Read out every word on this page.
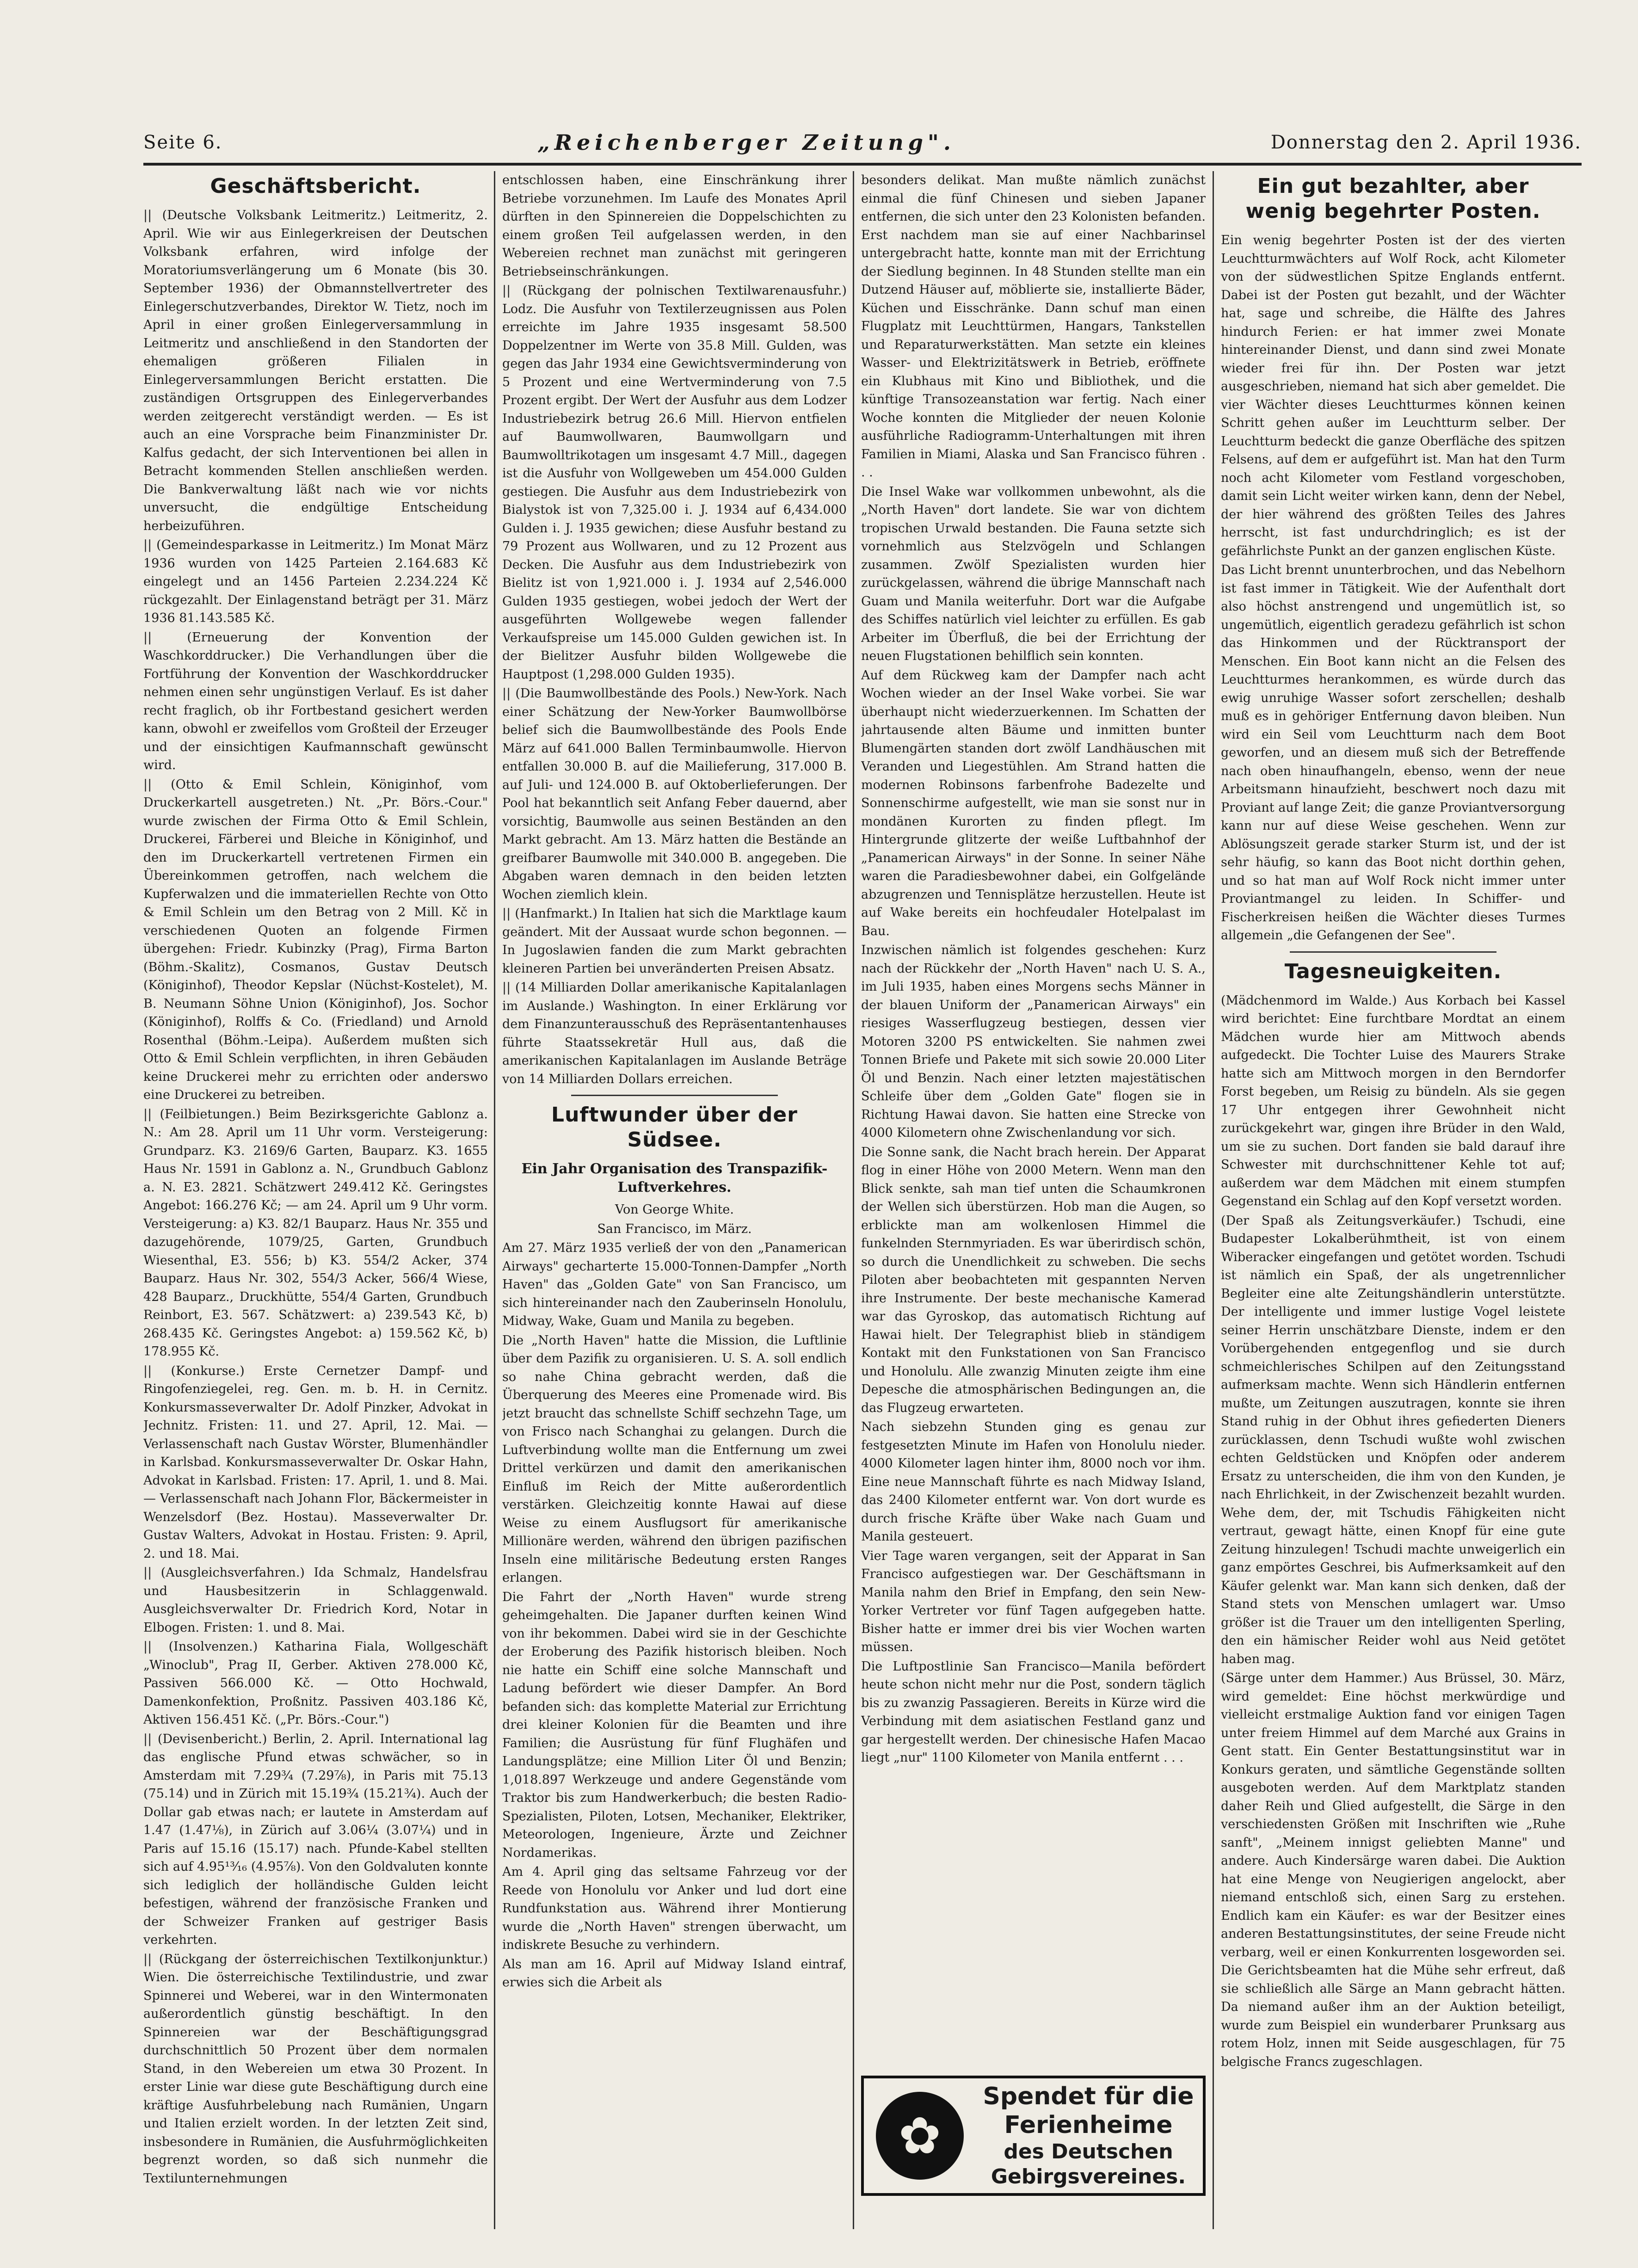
Seite 6.	„Reichenberger Zeitung".	Donnerstag den 2. April 1936.
Geschäftsbericht.

|| (Deutsche Volksbank Leitmeritz.) Leitmeritz, 2. April. Wie wir aus Einlegerkreisen der Deutschen Volksbank erfahren, wird infolge der Moratoriumsverlängerung um 6 Monate (bis 30. September 1936) der Obmannstellvertreter des Einlegerschutzverbandes, Direktor W. Tietz, noch im April in einer großen Einlegerversammlung in Leitmeritz und anschließend in den Standorten der ehemaligen größeren Filialen in Einlegerversammlungen Bericht erstatten. Die zuständigen Ortsgruppen des Einlegerverbandes werden zeitgerecht verständigt werden. — Es ist auch an eine Vorsprache beim Finanzminister Dr. Kalfus gedacht, der sich Interventionen bei allen in Betracht kommenden Stellen anschließen werden. Die Bankverwaltung läßt nach wie vor nichts unversucht, die endgültige Entscheidung herbeizuführen.

|| (Gemeindesparkasse in Leitmeritz.) Im Monat März 1936 wurden von 1425 Parteien 2.164.683 Kč eingelegt und an 1456 Parteien 2.234.224 Kč rückgezahlt. Der Einlagenstand beträgt per 31. März 1936 81.143.585 Kč.

|| (Erneuerung der Konvention der Waschkorddrucker.) Die Verhandlungen über die Fortführung der Konvention der Waschkorddrucker nehmen einen sehr ungünstigen Verlauf. Es ist daher recht fraglich, ob ihr Fortbestand gesichert werden kann, obwohl er zweifellos vom Großteil der Erzeuger und der einsichtigen Kaufmannschaft gewünscht wird.

|| (Otto & Emil Schlein, Königinhof, vom Druckerkartell ausgetreten.) Nt. „Pr. Börs.-Cour." wurde zwischen der Firma Otto & Emil Schlein, Druckerei, Färberei und Bleiche in Königinhof, und den im Druckerkartell vertretenen Firmen ein Übereinkommen getroffen, nach welchem die Kupferwalzen und die immateriellen Rechte von Otto & Emil Schlein um den Betrag von 2 Mill. Kč in verschiedenen Quoten an folgende Firmen übergehen: Friedr. Kubinzky (Prag), Firma Barton (Böhm.-Skalitz), Cosmanos, Gustav Deutsch (Königinhof), Theodor Kepslar (Nüchst-Kostelet), M. B. Neumann Söhne Union (Königinhof), Jos. Sochor (Königinhof), Rolffs & Co. (Friedland) und Arnold Rosenthal (Böhm.-Leipa). Außerdem mußten sich Otto & Emil Schlein verpflichten, in ihren Gebäuden keine Druckerei mehr zu errichten oder anderswo eine Druckerei zu betreiben.

|| (Feilbietungen.) Beim Bezirksgerichte Gablonz a. N.: Am 28. April um 11 Uhr vorm. Versteigerung: Grundparz. K3. 2169/6 Garten, Bauparz. K3. 1655 Haus Nr. 1591 in Gablonz a. N., Grundbuch Gablonz a. N. E3. 2821. Schätzwert 249.412 Kč. Geringstes Angebot: 166.276 Kč; — am 24. April um 9 Uhr vorm. Versteigerung: a) K3. 82/1 Bauparz. Haus Nr. 355 und dazugehörende, 1079/25, Garten, Grundbuch Wiesenthal, E3. 556; b) K3. 554/2 Acker, 374 Bauparz. Haus Nr. 302, 554/3 Acker, 566/4 Wiese, 428 Bauparz., Druckhütte, 554/4 Garten, Grundbuch Reinbort, E3. 567. Schätzwert: a) 239.543 Kč, b) 268.435 Kč. Geringstes Angebot: a) 159.562 Kč, b) 178.955 Kč.

|| (Konkurse.) Erste Cernetzer Dampf- und Ringofenziegelei, reg. Gen. m. b. H. in Cernitz. Konkursmasseverwalter Dr. Adolf Pinzker, Advokat in Jechnitz. Fristen: 11. und 27. April, 12. Mai. — Verlassenschaft nach Gustav Wörster, Blumenhändler in Karlsbad. Konkursmasseverwalter Dr. Oskar Hahn, Advokat in Karlsbad. Fristen: 17. April, 1. und 8. Mai. — Verlassenschaft nach Johann Flor, Bäckermeister in Wenzelsdorf (Bez. Hostau). Masseverwalter Dr. Gustav Walters, Advokat in Hostau. Fristen: 9. April, 2. und 18. Mai.

|| (Ausgleichsverfahren.) Ida Schmalz, Handelsfrau und Hausbesitzerin in Schlaggenwald. Ausgleichsverwalter Dr. Friedrich Kord, Notar in Elbogen. Fristen: 1. und 8. Mai.

|| (Insolvenzen.) Katharina Fiala, Wollgeschäft „Winoclub", Prag II, Gerber. Aktiven 278.000 Kč, Passiven 566.000 Kč. — Otto Hochwald, Damenkonfektion, Proßnitz. Passiven 403.186 Kč, Aktiven 156.451 Kč. („Pr. Börs.-Cour.")

|| (Devisenbericht.) Berlin, 2. April. International lag das englische Pfund etwas schwächer, so in Amsterdam mit 7.29¾ (7.29⅞), in Paris mit 75.13 (75.14) und in Zürich mit 15.19¾ (15.21¾). Auch der Dollar gab etwas nach; er lautete in Amsterdam auf 1.47 (1.47⅛), in Zürich auf 3.06¼ (3.07¼) und in Paris auf 15.16 (15.17) nach. Pfunde-Kabel stellten sich auf 4.95¹³⁄₁₆ (4.95⅞). Von den Goldvaluten konnte sich lediglich der holländische Gulden leicht befestigen, während der französische Franken und der Schweizer Franken auf gestriger Basis verkehrten.

|| (Rückgang der österreichischen Textilkonjunktur.) Wien. Die österreichische Textilindustrie, und zwar Spinnerei und Weberei, war in den Wintermonaten außerordentlich günstig beschäftigt. In den Spinnereien war der Beschäftigungsgrad durchschnittlich 50 Prozent über dem normalen Stand, in den Webereien um etwa 30 Prozent. In erster Linie war diese gute Beschäftigung durch eine kräftige Ausfuhrbelebung nach Rumänien, Ungarn und Italien erzielt worden. In der letzten Zeit sind, insbesondere in Rumänien, die Ausfuhrmöglichkeiten begrenzt worden, so daß sich nunmehr die Textilunternehmungen

entschlossen haben, eine Einschränkung ihrer Betriebe vorzunehmen. Im Laufe des Monates April dürften in den Spinnereien die Doppelschichten zu einem großen Teil aufgelassen werden, in den Webereien rechnet man zunächst mit geringeren Betriebseinschränkungen.

|| (Rückgang der polnischen Textilwarenausfuhr.) Lodz. Die Ausfuhr von Textilerzeugnissen aus Polen erreichte im Jahre 1935 insgesamt 58.500 Doppelzentner im Werte von 35.8 Mill. Gulden, was gegen das Jahr 1934 eine Gewichtsverminderung von 5 Prozent und eine Wertverminderung von 7.5 Prozent ergibt. Der Wert der Ausfuhr aus dem Lodzer Industriebezirk betrug 26.6 Mill. Hiervon entfielen auf Baumwollwaren, Baumwollgarn und Baumwolltrikotagen um insgesamt 4.7 Mill., dagegen ist die Ausfuhr von Wollgeweben um 454.000 Gulden gestiegen. Die Ausfuhr aus dem Industriebezirk von Bialystok ist von 7,325.00 i. J. 1934 auf 6,434.000 Gulden i. J. 1935 gewichen; diese Ausfuhr bestand zu 79 Prozent aus Wollwaren, und zu 12 Prozent aus Decken. Die Ausfuhr aus dem Industriebezirk von Bielitz ist von 1,921.000 i. J. 1934 auf 2,546.000 Gulden 1935 gestiegen, wobei jedoch der Wert der ausgeführten Wollgewebe wegen fallender Verkaufspreise um 145.000 Gulden gewichen ist. In der Bielitzer Ausfuhr bilden Wollgewebe die Hauptpost (1,298.000 Gulden 1935).

|| (Die Baumwollbestände des Pools.) New-York. Nach einer Schätzung der New-Yorker Baumwollbörse belief sich die Baumwollbestände des Pools Ende März auf 641.000 Ballen Terminbaumwolle. Hiervon entfallen 30.000 B. auf die Mailieferung, 317.000 B. auf Juli- und 124.000 B. auf Oktoberlieferungen. Der Pool hat bekanntlich seit Anfang Feber dauernd, aber vorsichtig, Baumwolle aus seinen Beständen an den Markt gebracht. Am 13. März hatten die Bestände an greifbarer Baumwolle mit 340.000 B. angegeben. Die Abgaben waren demnach in den beiden letzten Wochen ziemlich klein.

|| (Hanfmarkt.) In Italien hat sich die Marktlage kaum geändert. Mit der Aussaat wurde schon begonnen. — In Jugoslawien fanden die zum Markt gebrachten kleineren Partien bei unveränderten Preisen Absatz.

|| (14 Milliarden Dollar amerikanische Kapitalanlagen im Auslande.) Washington. In einer Erklärung vor dem Finanzunterausschuß des Repräsentantenhauses führte Staatssekretär Hull aus, daß die amerikanischen Kapitalanlagen im Auslande Beträge von 14 Milliarden Dollars erreichen.

Luftwunder über der Südsee.
Ein Jahr Organisation des Transpazifik-Luftverkehres.

Von George White.

San Francisco, im März.

Am 27. März 1935 verließ der von den „Panamerican Airways" gecharterte 15.000-Tonnen-Dampfer „North Haven" das „Golden Gate" von San Francisco, um sich hintereinander nach den Zauberinseln Honolulu, Midway, Wake, Guam und Manila zu begeben.

Die „North Haven" hatte die Mission, die Luftlinie über dem Pazifik zu organisieren. U. S. A. soll endlich so nahe China gebracht werden, daß die Überquerung des Meeres eine Promenade wird. Bis jetzt braucht das schnellste Schiff sechzehn Tage, um von Frisco nach Schanghai zu gelangen. Durch die Luftverbindung wollte man die Entfernung um zwei Drittel verkürzen und damit den amerikanischen Einfluß im Reich der Mitte außerordentlich verstärken. Gleichzeitig konnte Hawai auf diese Weise zu einem Ausflugsort für amerikanische Millionäre werden, während den übrigen pazifischen Inseln eine militärische Bedeutung ersten Ranges erlangen.

Die Fahrt der „North Haven" wurde streng geheimgehalten. Die Japaner durften keinen Wind von ihr bekommen. Dabei wird sie in der Geschichte der Eroberung des Pazifik historisch bleiben. Noch nie hatte ein Schiff eine solche Mannschaft und Ladung befördert wie dieser Dampfer. An Bord befanden sich: das komplette Material zur Errichtung drei kleiner Kolonien für die Beamten und ihre Familien; die Ausrüstung für fünf Flughäfen und Landungsplätze; eine Million Liter Öl und Benzin; 1,018.897 Werkzeuge und andere Gegenstände vom Traktor bis zum Handwerkerbuch; die besten Radio-Spezialisten, Piloten, Lotsen, Mechaniker, Elektriker, Meteorologen, Ingenieure, Ärzte und Zeichner Nordamerikas.

Am 4. April ging das seltsame Fahrzeug vor der Reede von Honolulu vor Anker und lud dort eine Rundfunkstation aus. Während ihrer Montierung wurde die „North Haven" strengen überwacht, um indiskrete Besuche zu verhindern.

Als man am 16. April auf Midway Island eintraf, erwies sich die Arbeit als

besonders delikat. Man mußte nämlich zunächst einmal die fünf Chinesen und sieben Japaner entfernen, die sich unter den 23 Kolonisten befanden. Erst nachdem man sie auf einer Nachbarinsel untergebracht hatte, konnte man mit der Errichtung der Siedlung beginnen. In 48 Stunden stellte man ein Dutzend Häuser auf, möblierte sie, installierte Bäder, Küchen und Eisschränke. Dann schuf man einen Flugplatz mit Leuchttürmen, Hangars, Tankstellen und Reparaturwerkstätten. Man setzte ein kleines Wasser- und Elektrizitätswerk in Betrieb, eröffnete ein Klubhaus mit Kino und Bibliothek, und die künftige Transozeanstation war fertig. Nach einer Woche konnten die Mitglieder der neuen Kolonie ausführliche Radiogramm-Unterhaltungen mit ihren Familien in Miami, Alaska und San Francisco führen . . .

Die Insel Wake war vollkommen unbewohnt, als die „North Haven" dort landete. Sie war von dichtem tropischen Urwald bestanden. Die Fauna setzte sich vornehmlich aus Stelzvögeln und Schlangen zusammen. Zwölf Spezialisten wurden hier zurückgelassen, während die übrige Mannschaft nach Guam und Manila weiterfuhr. Dort war die Aufgabe des Schiffes natürlich viel leichter zu erfüllen. Es gab Arbeiter im Überfluß, die bei der Errichtung der neuen Flugstationen behilflich sein konnten.

Auf dem Rückweg kam der Dampfer nach acht Wochen wieder an der Insel Wake vorbei. Sie war überhaupt nicht wiederzuerkennen. Im Schatten der jahrtausende alten Bäume und inmitten bunter Blumengärten standen dort zwölf Landhäuschen mit Veranden und Liegestühlen. Am Strand hatten die modernen Robinsons farbenfrohe Badezelte und Sonnenschirme aufgestellt, wie man sie sonst nur in mondänen Kurorten zu finden pflegt. Im Hintergrunde glitzerte der weiße Luftbahnhof der „Panamerican Airways" in der Sonne. In seiner Nähe waren die Paradiesbewohner dabei, ein Golfgelände abzugrenzen und Tennisplätze herzustellen. Heute ist auf Wake bereits ein hochfeudaler Hotelpalast im Bau.

Inzwischen nämlich ist folgendes geschehen: Kurz nach der Rückkehr der „North Haven" nach U. S. A., im Juli 1935, haben eines Morgens sechs Männer in der blauen Uniform der „Panamerican Airways" ein riesiges Wasserflugzeug bestiegen, dessen vier Motoren 3200 PS entwickelten. Sie nahmen zwei Tonnen Briefe und Pakete mit sich sowie 20.000 Liter Öl und Benzin. Nach einer letzten majestätischen Schleife über dem „Golden Gate" flogen sie in Richtung Hawai davon. Sie hatten eine Strecke von 4000 Kilometern ohne Zwischenlandung vor sich.

Die Sonne sank, die Nacht brach herein. Der Apparat flog in einer Höhe von 2000 Metern. Wenn man den Blick senkte, sah man tief unten die Schaumkronen der Wellen sich überstürzen. Hob man die Augen, so erblickte man am wolkenlosen Himmel die funkelnden Sternmyriaden. Es war überirdisch schön, so durch die Unendlichkeit zu schweben. Die sechs Piloten aber beobachteten mit gespannten Nerven ihre Instrumente. Der beste mechanische Kamerad war das Gyroskop, das automatisch Richtung auf Hawai hielt. Der Telegraphist blieb in ständigem Kontakt mit den Funkstationen von San Francisco und Honolulu. Alle zwanzig Minuten zeigte ihm eine Depesche die atmosphärischen Bedingungen an, die das Flugzeug erwarteten.

Nach siebzehn Stunden ging es genau zur festgesetzten Minute im Hafen von Honolulu nieder. 4000 Kilometer lagen hinter ihm, 8000 noch vor ihm. Eine neue Mannschaft führte es nach Midway Island, das 2400 Kilometer entfernt war. Von dort wurde es durch frische Kräfte über Wake nach Guam und Manila gesteuert.

Vier Tage waren vergangen, seit der Apparat in San Francisco aufgestiegen war. Der Geschäftsmann in Manila nahm den Brief in Empfang, den sein New-Yorker Vertreter vor fünf Tagen aufgegeben hatte. Bisher hatte er immer drei bis vier Wochen warten müssen.

Die Luftpostlinie San Francisco—Manila befördert heute schon nicht mehr nur die Post, sondern täglich bis zu zwanzig Passagieren. Bereits in Kürze wird die Verbindung mit dem asiatischen Festland ganz und gar hergestellt werden. Der chinesische Hafen Macao liegt „nur" 1100 Kilometer von Manila entfernt . . .

✿
Spendet für die
Ferienheime
des Deutschen
Gebirgsvereines.
Ein gut bezahlter, aber wenig begehrter Posten.

Ein wenig begehrter Posten ist der des vierten Leuchtturmwächters auf Wolf Rock, acht Kilometer von der südwestlichen Spitze Englands entfernt. Dabei ist der Posten gut bezahlt, und der Wächter hat, sage und schreibe, die Hälfte des Jahres hindurch Ferien: er hat immer zwei Monate hintereinander Dienst, und dann sind zwei Monate wieder frei für ihn. Der Posten war jetzt ausgeschrieben, niemand hat sich aber gemeldet. Die vier Wächter dieses Leuchtturmes können keinen Schritt gehen außer im Leuchtturm selber. Der Leuchtturm bedeckt die ganze Oberfläche des spitzen Felsens, auf dem er aufgeführt ist. Man hat den Turm noch acht Kilometer vom Festland vorgeschoben, damit sein Licht weiter wirken kann, denn der Nebel, der hier während des größten Teiles des Jahres herrscht, ist fast undurchdringlich; es ist der gefährlichste Punkt an der ganzen englischen Küste.

Das Licht brennt ununterbrochen, und das Nebelhorn ist fast immer in Tätigkeit. Wie der Aufenthalt dort also höchst anstrengend und ungemütlich ist, so ungemütlich, eigentlich geradezu gefährlich ist schon das Hinkommen und der Rücktransport der Menschen. Ein Boot kann nicht an die Felsen des Leuchtturmes herankommen, es würde durch das ewig unruhige Wasser sofort zerschellen; deshalb muß es in gehöriger Entfernung davon bleiben. Nun wird ein Seil vom Leuchtturm nach dem Boot geworfen, und an diesem muß sich der Betreffende nach oben hinaufhangeln, ebenso, wenn der neue Arbeitsmann hinaufzieht, beschwert noch dazu mit Proviant auf lange Zeit; die ganze Proviantversorgung kann nur auf diese Weise geschehen. Wenn zur Ablösungszeit gerade starker Sturm ist, und der ist sehr häufig, so kann das Boot nicht dorthin gehen, und so hat man auf Wolf Rock nicht immer unter Proviantmangel zu leiden. In Schiffer- und Fischerkreisen heißen die Wächter dieses Turmes allgemein „die Gefangenen der See".

Tagesneuigkeiten.

(Mädchenmord im Walde.) Aus Korbach bei Kassel wird berichtet: Eine furchtbare Mordtat an einem Mädchen wurde hier am Mittwoch abends aufgedeckt. Die Tochter Luise des Maurers Strake hatte sich am Mittwoch morgen in den Berndorfer Forst begeben, um Reisig zu bündeln. Als sie gegen 17 Uhr entgegen ihrer Gewohnheit nicht zurückgekehrt war, gingen ihre Brüder in den Wald, um sie zu suchen. Dort fanden sie bald darauf ihre Schwester mit durchschnittener Kehle tot auf; außerdem war dem Mädchen mit einem stumpfen Gegenstand ein Schlag auf den Kopf versetzt worden.

(Der Spaß als Zeitungsverkäufer.) Tschudi, eine Budapester Lokalberühmtheit, ist von einem Wiberacker eingefangen und getötet worden. Tschudi ist nämlich ein Spaß, der als ungetrennlicher Begleiter eine alte Zeitungshändlerin unterstützte. Der intelligente und immer lustige Vogel leistete seiner Herrin unschätzbare Dienste, indem er den Vorübergehenden entgegenflog und sie durch schmeichlerisches Schilpen auf den Zeitungsstand aufmerksam machte. Wenn sich Händlerin entfernen mußte, um Zeitungen auszutragen, konnte sie ihren Stand ruhig in der Obhut ihres gefiederten Dieners zurücklassen, denn Tschudi wußte wohl zwischen echten Geldstücken und Knöpfen oder anderem Ersatz zu unterscheiden, die ihm von den Kunden, je nach Ehrlichkeit, in der Zwischenzeit bezahlt wurden. Wehe dem, der, mit Tschudis Fähigkeiten nicht vertraut, gewagt hätte, einen Knopf für eine gute Zeitung hinzulegen! Tschudi machte unweigerlich ein ganz empörtes Geschrei, bis Aufmerksamkeit auf den Käufer gelenkt war. Man kann sich denken, daß der Stand stets von Menschen umlagert war. Umso größer ist die Trauer um den intelligenten Sperling, den ein hämischer Reider wohl aus Neid getötet haben mag.

(Särge unter dem Hammer.) Aus Brüssel, 30. März, wird gemeldet: Eine höchst merkwürdige und vielleicht erstmalige Auktion fand vor einigen Tagen unter freiem Himmel auf dem Marché aux Grains in Gent statt. Ein Genter Bestattungsinstitut war in Konkurs geraten, und sämtliche Gegenstände sollten ausgeboten werden. Auf dem Marktplatz standen daher Reih und Glied aufgestellt, die Särge in den verschiedensten Größen mit Inschriften wie „Ruhe sanft", „Meinem innigst geliebten Manne" und andere. Auch Kindersärge waren dabei. Die Auktion hat eine Menge von Neugierigen angelockt, aber niemand entschloß sich, einen Sarg zu erstehen. Endlich kam ein Käufer: es war der Besitzer eines anderen Bestattungsinstitutes, der seine Freude nicht verbarg, weil er einen Konkurrenten losgeworden sei. Die Gerichtsbeamten hat die Mühe sehr erfreut, daß sie schließlich alle Särge an Mann gebracht hätten. Da niemand außer ihm an der Auktion beteiligt, wurde zum Beispiel ein wunderbarer Prunksarg aus rotem Holz, innen mit Seide ausgeschlagen, für 75 belgische Francs zugeschlagen.
